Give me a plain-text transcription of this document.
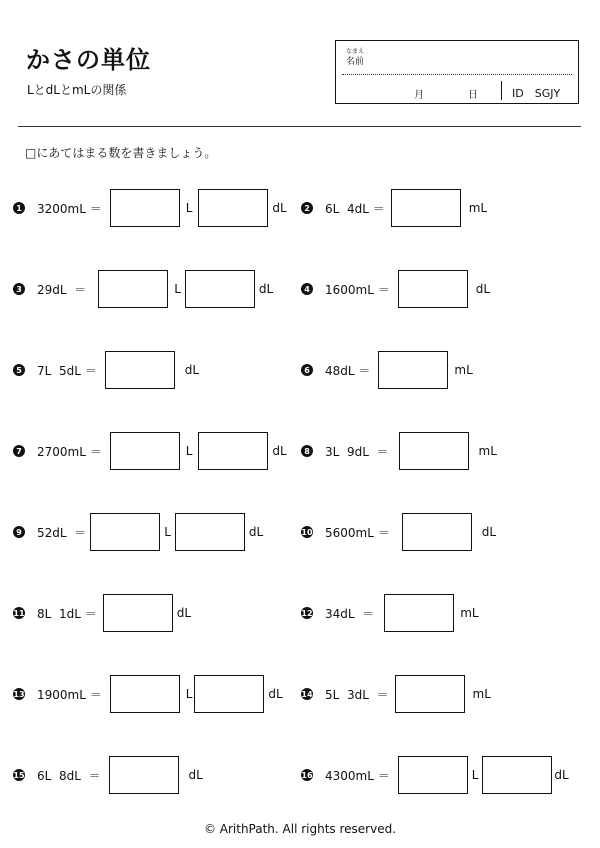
かさの単位
LとdLとmLの関係
なまえ
名前
月	日	ID　SGJY
□にあてはまる数を書きましょう。
1 3200mL ＝	L	dL	2 6L  4dL ＝	mL
3 29dL  ＝	L	dL	4 1600mL ＝	dL
5 7L  5dL ＝	dL	6 48dL ＝	mL
7 2700mL ＝	L	dL	8 3L  9dL  ＝	mL
9 52dL  ＝	L	dL	10 5600mL ＝	dL
11 8L  1dL ＝	dL	12 34dL  ＝	mL
13 1900mL ＝	L	dL 14 5L  3dL  ＝	mL
15 6L  8dL  ＝	dL	16 4300mL ＝	L	dL
© ArithPath. All rights reserved.
